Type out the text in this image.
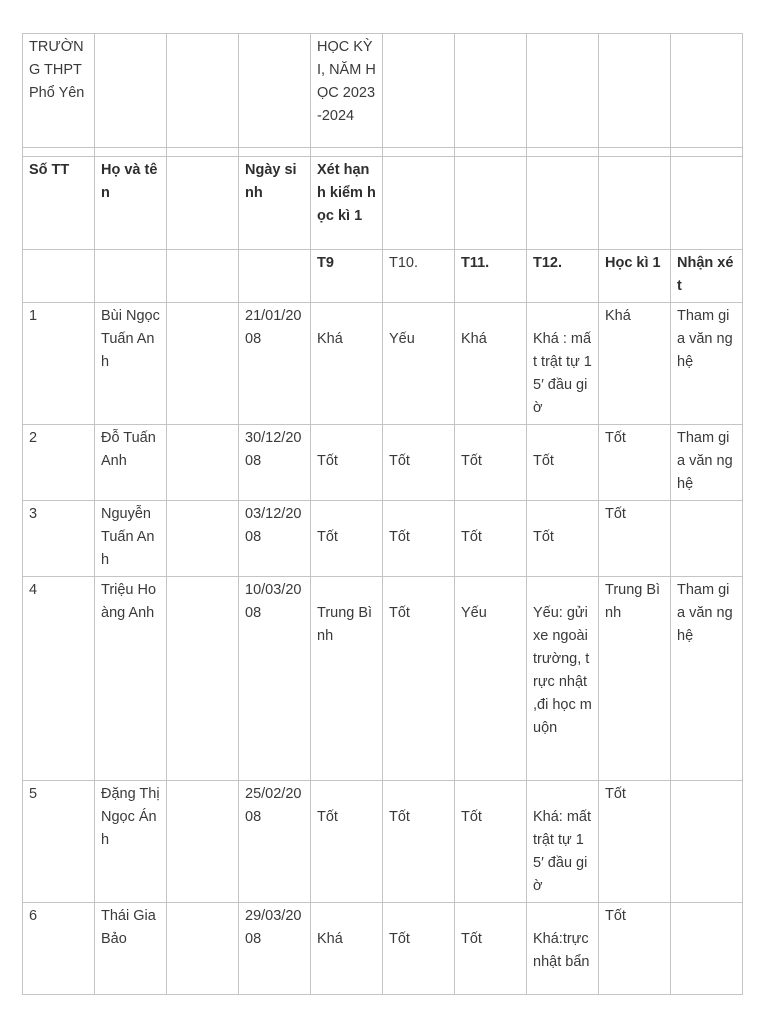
TRƯỜNG THPT Phổ Yên				HỌC KỲ I, NĂM HỌC 2023-2024					

Số TT	Họ và tên		Ngày sinh	Xét hạnh kiểm học kì 1					
				T9	T10.	T11.	T12.	Học kì 1	Nhận xét
1	Bùi Ngọc Tuấn Anh		21/01/2008	Khá	Yếu	Khá	Khá : mất trật tự 15′ đầu giờ	Khá	Tham gia văn nghệ
2	Đỗ Tuấn Anh		30/12/2008	Tốt	Tốt	Tốt	Tốt	Tốt	Tham gia văn nghệ
3	Nguyễn Tuấn Anh		03/12/2008	Tốt	Tốt	Tốt	Tốt	Tốt	
4	Triệu Hoàng Anh		10/03/2008	Trung Bình	Tốt	Yếu	Yếu: gửi xe ngoài trường, trực nhật ,đi học muộn	Trung Bình	Tham gia văn nghệ
5	Đặng Thị Ngọc Ánh		25/02/2008	Tốt	Tốt	Tốt	Khá: mất trật tự 15′ đầu giờ	Tốt	
6	Thái Gia Bảo		29/03/2008	Khá	Tốt	Tốt	Khá:trực nhật bẩn	Tốt	
